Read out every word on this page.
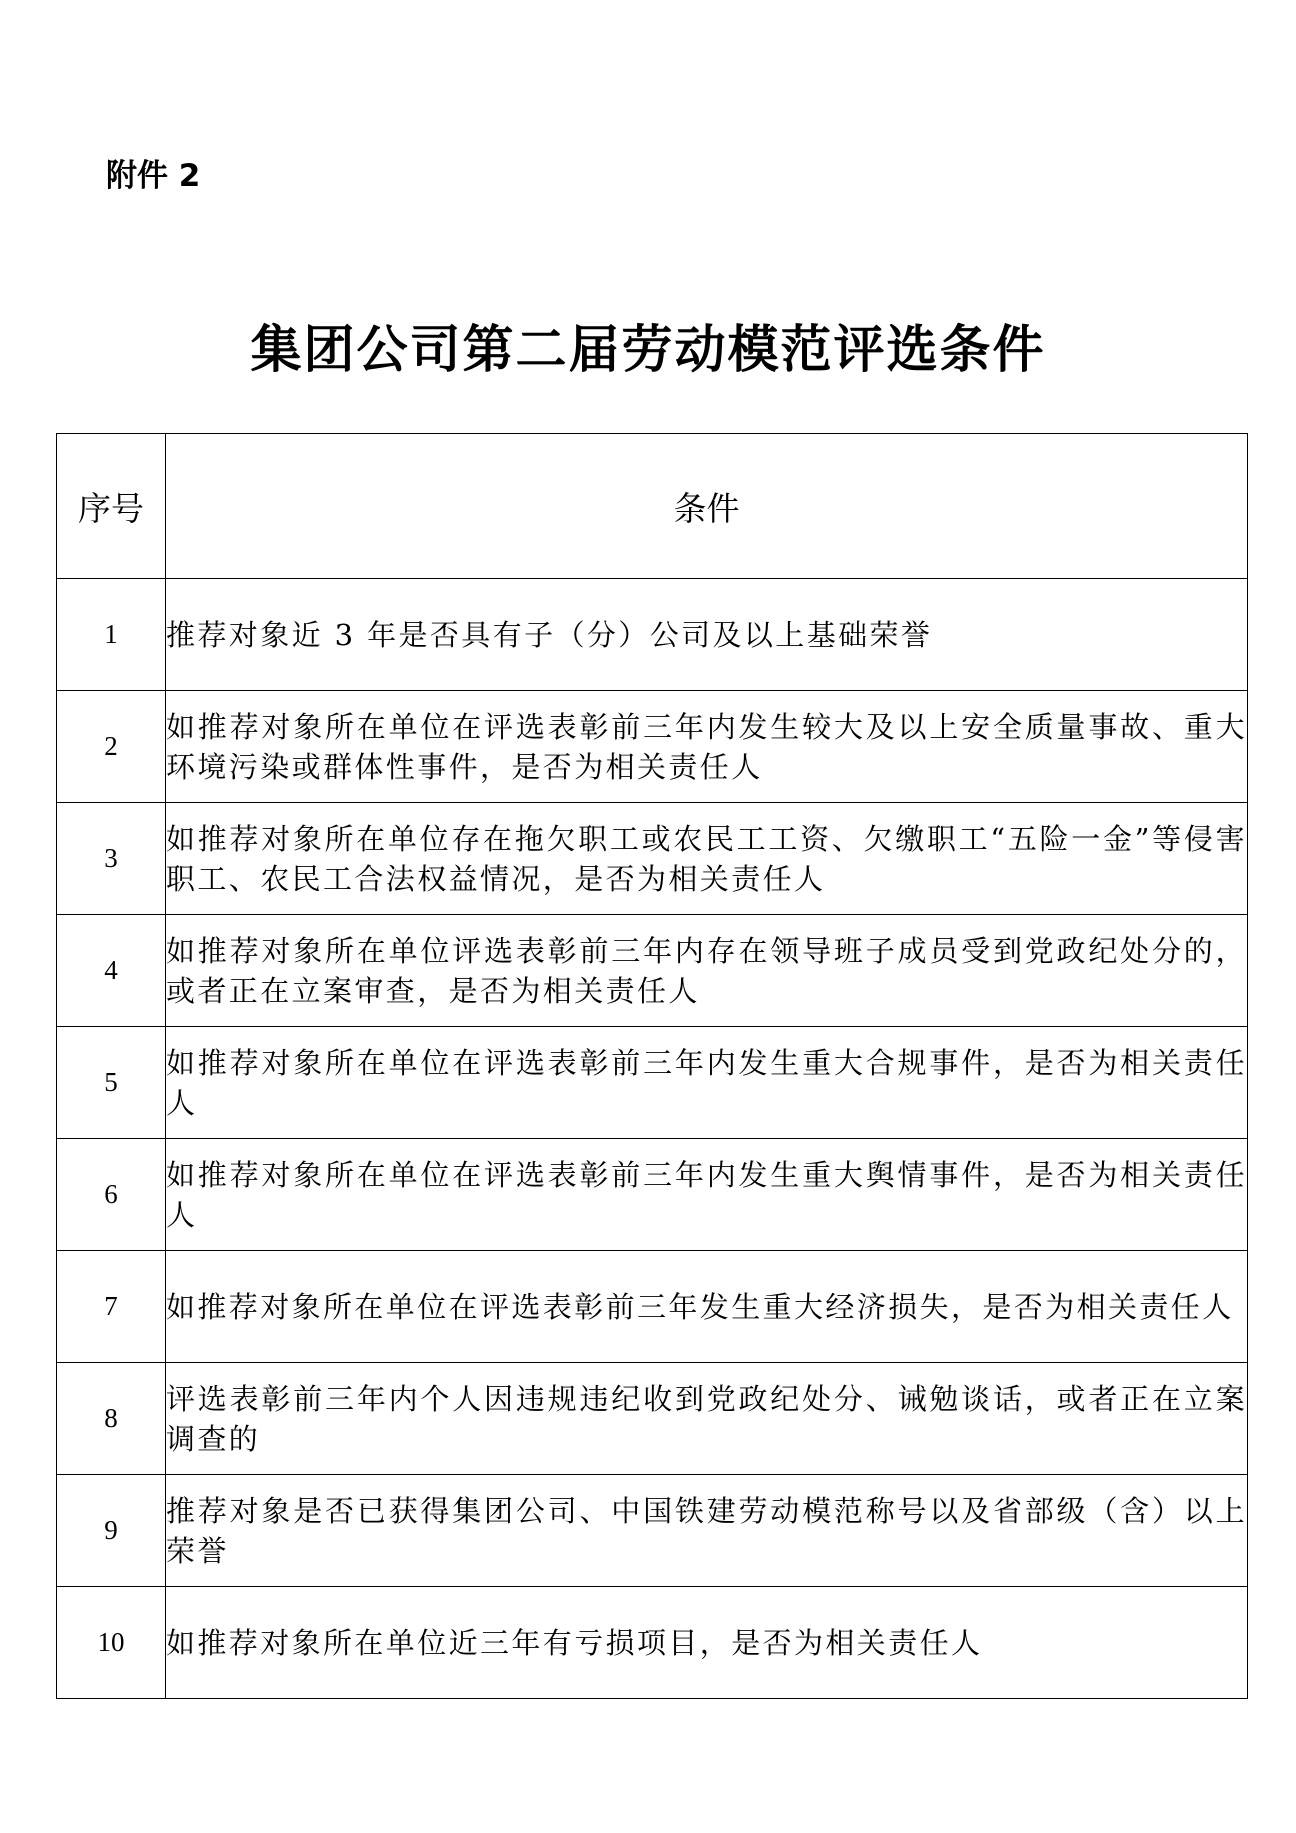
附件 2
集团公司第二届劳动模范评选条件
序号	条件
1	推荐对象近 3 年是否具有子（分）公司及以上基础荣誉
2	如推荐对象所在单位在评选表彰前三年内发生较大及以上安全质量事故、重大环境污染或群体性事件，是否为相关责任人
3	如推荐对象所在单位存在拖欠职工或农民工工资、欠缴职工“五险一金”等侵害职工、农民工合法权益情况，是否为相关责任人
4	如推荐对象所在单位评选表彰前三年内存在领导班子成员受到党政纪处分的，或者正在立案审查，是否为相关责任人
5	如推荐对象所在单位在评选表彰前三年内发生重大合规事件，是否为相关责任人
6	如推荐对象所在单位在评选表彰前三年内发生重大舆情事件，是否为相关责任人
7	如推荐对象所在单位在评选表彰前三年发生重大经济损失，是否为相关责任人
8	评选表彰前三年内个人因违规违纪收到党政纪处分、诫勉谈话，或者正在立案调查的
9	推荐对象是否已获得集团公司、中国铁建劳动模范称号以及省部级（含）以上荣誉
10	如推荐对象所在单位近三年有亏损项目，是否为相关责任人
